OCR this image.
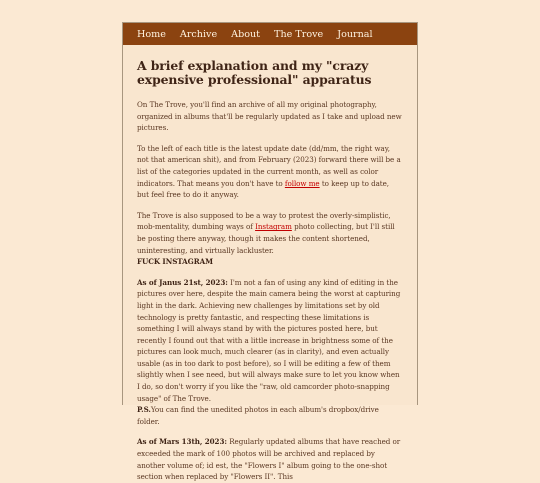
Home Archive About The Trove Journal
A brief explanation and my "crazy expensive professional" apparatus

On The Trove, you'll find an archive of all my original photography, organized in albums that'll be regularly updated as I take and upload new pictures.

To the left of each title is the latest update date (dd/mm, the right way, not that american shit), and from February (2023) forward there will be a list of the categories updated in the current month, as well as color indicators. That means you don't have to follow me to keep up to date, but feel free to do it anyway.

The Trove is also supposed to be a way to protest the overly-simplistic, mob-mentality, dumbing ways of Instagram photo collecting, but I'll still be posting there anyway, though it makes the content shortened, uninteresting, and virtually lackluster.
FUCK INSTAGRAM

As of Janus 21st, 2023: I'm not a fan of using any kind of editing in the pictures over here, despite the main camera being the worst at capturing light in the dark. Achieving new challenges by limitations set by old technology is pretty fantastic, and respecting these limitations is something I will always stand by with the pictures posted here, but recently I found out that with a little increase in brightness some of the pictures can look much, much clearer (as in clarity), and even actually usable (as in too dark to post before), so I will be editing a few of them slightly when I see need, but will always make sure to let you know when I do, so don't worry if you like the "raw, old camcorder photo-snapping usage" of The Trove.
P.S.You can find the unedited photos in each album's dropbox/drive folder.

As of Mars 13th, 2023: Regularly updated albums that have reached or exceeded the mark of 100 photos will be archived and replaced by another volume of; id est, the "Flowers I" album going to the one-shot section when replaced by "Flowers II". This
